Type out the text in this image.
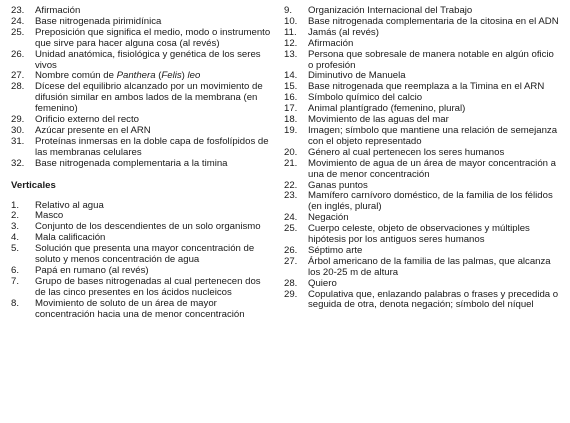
23.	Afirmación
24.	Base nitrogenada pirimidínica
25.	Preposición que significa el medio, modo o instrumento que sirve para hacer alguna cosa (al revés)
26.	Unidad anatómica, fisiológica y genética de los seres vivos
27.	Nombre común de Panthera (Felis) leo
28.	Dícese del equilibrio alcanzado por un movimiento de difusión similar en ambos lados de la membrana (en femenino)
29.	Orificio externo del recto
30.	Azúcar presente en el ARN
31.	Proteínas inmersas en la doble capa de fosfolípidos de las membranas celulares
32.	Base nitrogenada complementaria a la timina
Verticales
1.	Relativo al agua
2.	Masco
3.	Conjunto de los descendientes de un solo organismo
4.	Mala calificación
5.	Solución que presenta una mayor concentración de soluto y menos concentración de agua
6.	Papá en rumano (al revés)
7.	Grupo de bases nitrogenadas al cual pertenecen dos de las cinco presentes en los ácidos nucleicos
8.	Movimiento de soluto de un área de mayor concentración hacia una de menor concentración
9.	Organización Internacional del Trabajo
10.	Base nitrogenada complementaria de la citosina en el ADN
11.	Jamás (al revés)
12.	Afirmación
13.	Persona que sobresale de manera notable en algún oficio o profesión
14.	Diminutivo de Manuela
15.	Base nitrogenada que reemplaza a la Timina en el ARN
16.	Símbolo químico del calcio
17.	Animal plantígrado (femenino, plural)
18.	Movimiento de las aguas del mar
19.	Imagen; símbolo que mantiene una relación de semejanza con el objeto representado
20.	Género al cual pertenecen los seres humanos
21.	Movimiento de agua de un área de mayor concentración a una de menor concentración
22.	Ganas puntos
23.	Mamífero carnívoro doméstico, de la familia de los félidos (en inglés, plural)
24.	Negación
25.	Cuerpo celeste, objeto de observaciones y múltiples hipótesis por los antiguos seres humanos
26.	Séptimo arte
27.	Árbol americano de la familia de las palmas, que alcanza los 20-25 m de altura
28.	Quiero
29.	Copulativa que, enlazando palabras o frases y precedida o seguida de otra, denota negación; símbolo del níquel
